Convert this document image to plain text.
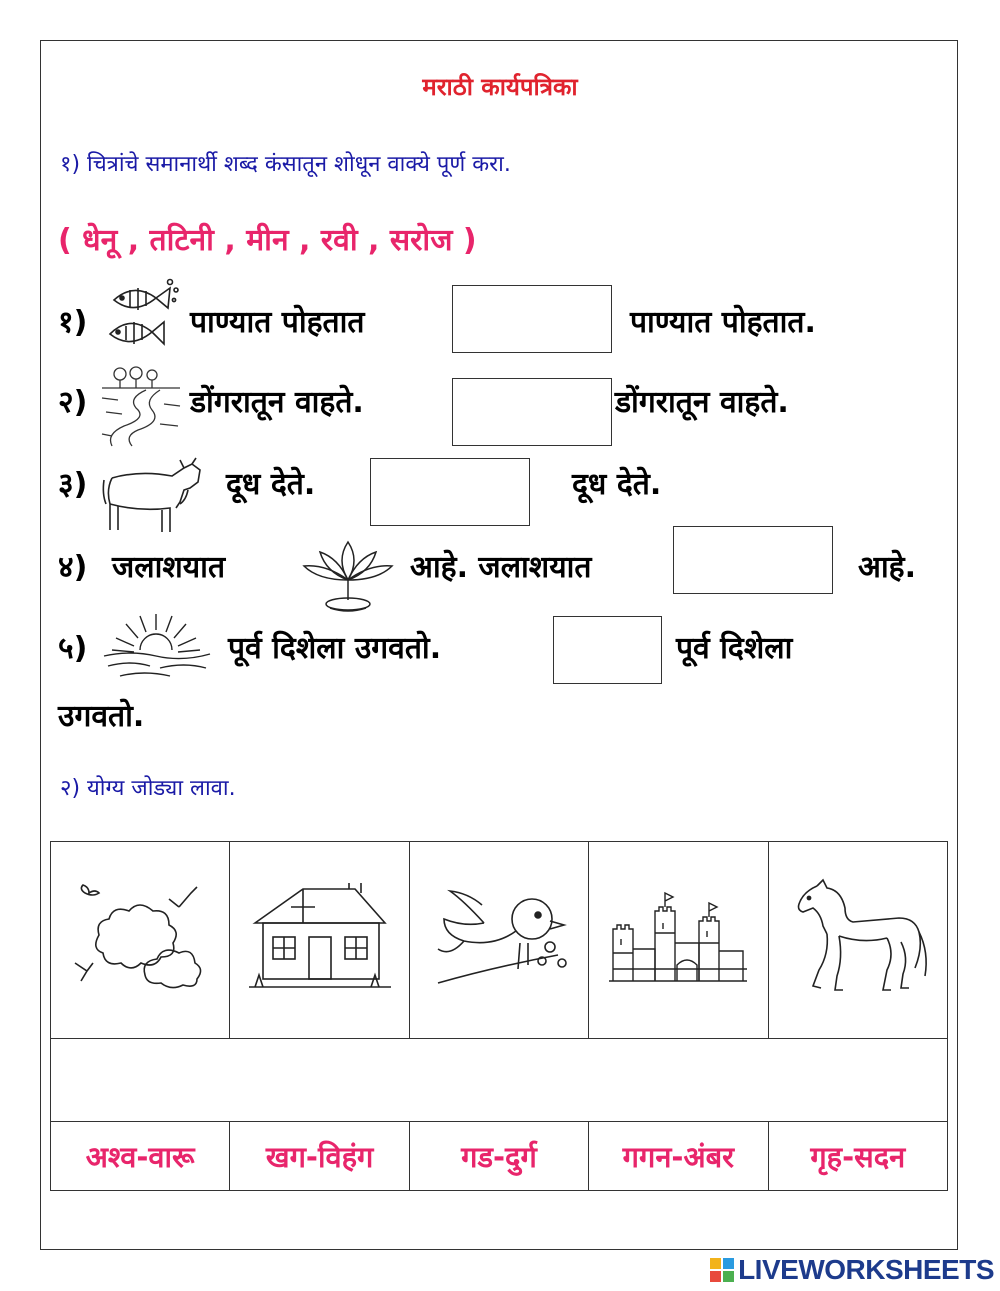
मराठी कार्यपत्रिका
१) चित्रांचे समानार्थी शब्द कंसातून शोधून वाक्ये पूर्ण करा.
( धेनू , तटिनी , मीन , रवी , सरोज )
१)	पाण्यात पोहतात	पाण्यात पोहतात.
२)	डोंगरातून वाहते.	डोंगरातून वाहते.
३)	दूध देते.	दूध देते.
४) जलाशयात	आहे. जलाशयात	आहे.
५)	पूर्व दिशेला उगवतो.	पूर्व दिशेला
उगवतो.
२) योग्य जोड्या लावा.

अश्व-वारू	खग-विहंग	गड-दुर्ग	गगन-अंबर	गृह-सदन
LIVEWORKSHEETS
